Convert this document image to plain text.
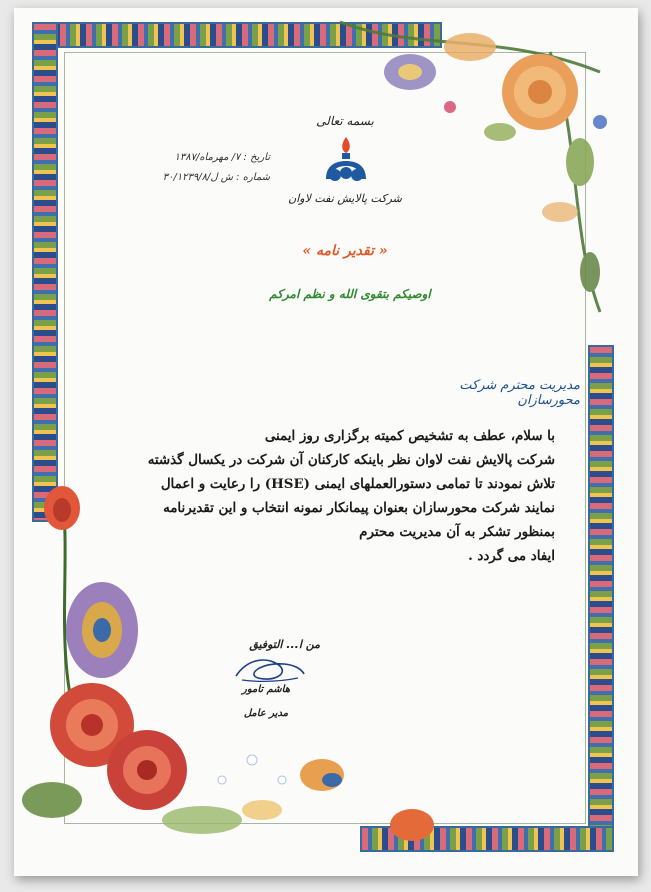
بسمه تعالی
شرکت پالایش نفت لاوان
تاریخ : ۷/ مهرماه/۱۳۸۷
شماره : ش ل/۳۰/۱۲۳۹/۸
« تقدیر نامه »
اوصیکم بتقوی الله و نظم امرکم
مدیریت محترم شرکت محورسازان
با سلام، عطف به تشخیص کمیته برگزاری روز ایمنی
شرکت پالایش نفت لاوان نظر باینکه کارکنان آن شرکت در یکسال گذشته
تلاش نمودند تا تمامی دستورالعملهای ایمنی (HSE) را رعایت و اعمال
نمایند شرکت محورسازان بعنوان پیمانکار نمونه انتخاب و این تقدیرنامه
بمنظور تشکر به آن مدیریت محترم
ایفاد می گردد .
من ا... التوفیق
هاشم تامور
مدیر عامل
